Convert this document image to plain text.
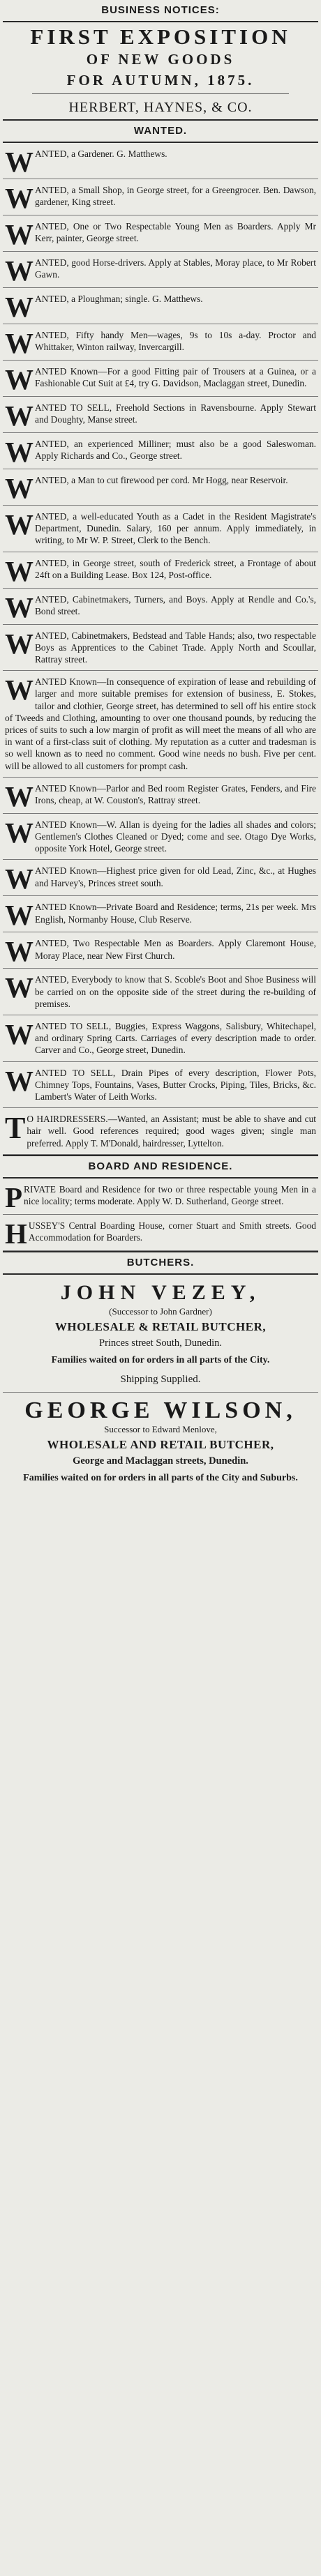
BUSINESS NOTICES:
FIRST EXPOSITION
OF NEW GOODS
FOR AUTUMN, 1875.
HERBERT, HAYNES, & CO.
WANTED.
WANTED, a Gardener. G. Matthews.
WANTED, a Small Shop, in George street, for a Greengrocer. Ben. Dawson, gardener, King street.
WANTED, One or Two Respectable Young Men as Boarders. Apply Mr Kerr, painter, George street.
WANTED, good Horse-drivers. Apply at Stables, Moray place, to Mr Robert Gawn.
WANTED, a Ploughman; single. G. Matthews.
WANTED, Fifty handy Men—wages, 9s to 10s a-day. Proctor and Whittaker, Winton railway, Invercargill.
WANTED Known—For a good Fitting pair of Trousers at a Guinea, or a Fashionable Cut Suit at £4, try G. Davidson, Maclaggan street, Dunedin.
WANTED TO SELL, Freehold Sections in Ravensbourne. Apply Stewart and Doughty, Manse street.
WANTED, an experienced Milliner; must also be a good Saleswoman. Apply Richards and Co., George street.
WANTED, a Man to cut firewood per cord. Mr Hogg, near Reservoir.
WANTED, a well-educated Youth as a Cadet in the Resident Magistrate's Department, Dunedin. Salary, 160 per annum. Apply immediately, in writing, to Mr W. P. Street, Clerk to the Bench.
WANTED, in George street, south of Frederick street, a Frontage of about 24ft on a Building Lease. Box 124, Post-office.
WANTED, Cabinetmakers, Turners, and Boys. Apply at Rendle and Co.'s, Bond street.
WANTED, Cabinetmakers, Bedstead and Table Hands; also, two respectable Boys as Apprentices to the Cabinet Trade. Apply North and Scoullar, Rattray street.
WANTED Known—In consequence of expiration of lease and rebuilding of larger and more suitable premises for extension of business, E. Stokes, tailor and clothier, George street, has determined to sell off his entire stock of Tweeds and Clothing, amounting to over one thousand pounds, by reducing the prices of suits to such a low margin of profit as will meet the means of all who are in want of a first-class suit of clothing. My reputation as a cutter and tradesman is so well known as to need no comment. Good wine needs no bush. Five per cent. will be allowed to all customers for prompt cash.
WANTED Known—Parlor and Bed room Register Grates, Fenders, and Fire Irons, cheap, at W. Couston's, Rattray street.
WANTED Known—W. Allan is dyeing for the ladies all shades and colors; Gentlemen's Clothes Cleaned or Dyed; come and see. Otago Dye Works, opposite York Hotel, George street.
WANTED Known—Highest price given for old Lead, Zinc, &c., at Hughes and Harvey's, Princes street south.
WANTED Known—Private Board and Residence; terms, 21s per week. Mrs English, Normanby House, Club Reserve.
WANTED, Two Respectable Men as Boarders. Apply Claremont House, Moray Place, near New First Church.
WANTED, Everybody to know that S. Scoble's Boot and Shoe Business will be carried on on the opposite side of the street during the re-building of premises.
WANTED TO SELL, Buggies, Express Waggons, Salisbury, Whitechapel, and ordinary Spring Carts. Carriages of every description made to order. Carver and Co., George street, Dunedin.
WANTED TO SELL, Drain Pipes of every description, Flower Pots, Chimney Tops, Fountains, Vases, Butter Crocks, Piping, Tiles, Bricks, &c. Lambert's Water of Leith Works.
T O HAIRDRESSERS.—Wanted, an Assistant; must be able to shave and cut hair well. Good references required; good wages given; single man preferred. Apply T. M'Donald, hairdresser, Lyttelton.
BOARD AND RESIDENCE.
PRIVATE Board and Residence for two or three respectable young Men in a nice locality; terms moderate. Apply W. D. Sutherland, George street.
HUSSEY'S Central Boarding House, corner Stuart and Smith streets. Good Accommodation for Boarders.
BUTCHERS.
JOHN VEZEY,
(Successor to John Gardner)
WHOLESALE & RETAIL BUTCHER,
Princes street South, Dunedin.
Families waited on for orders in all parts of the City.
Shipping Supplied.
GEORGE WILSON,
Successor to Edward Menlove,
WHOLESALE AND RETAIL BUTCHER,
George and Maclaggan streets, Dunedin.
Families waited on for orders in all parts of the City and Suburbs.
